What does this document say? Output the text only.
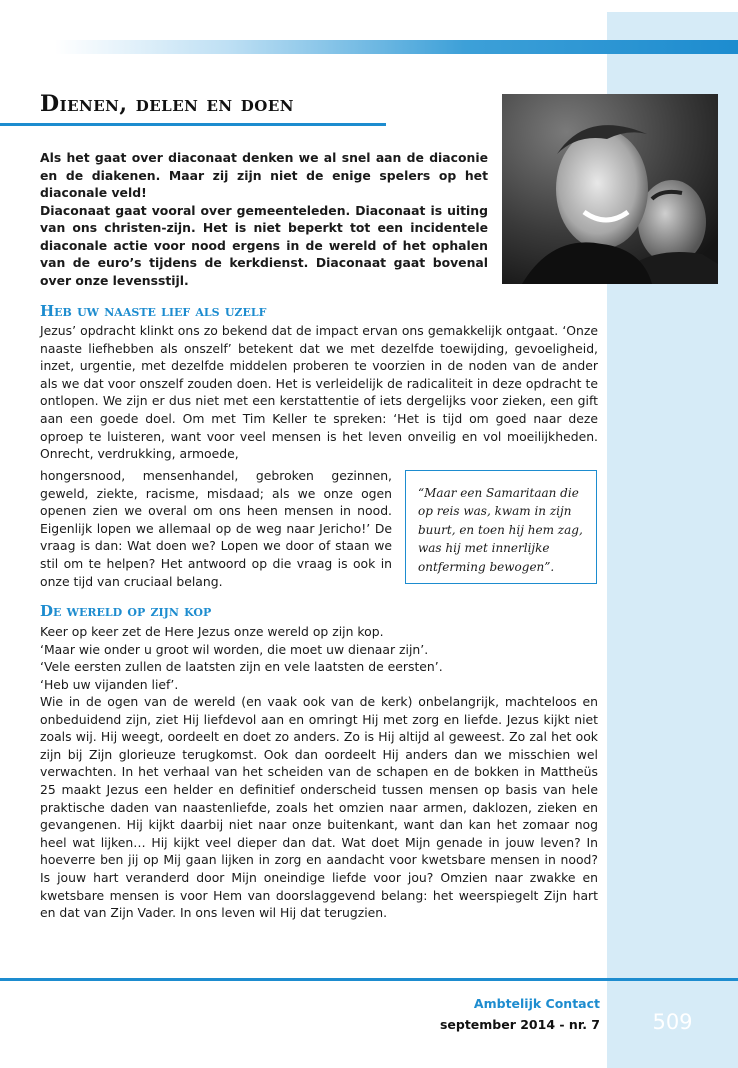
Dienen, delen en doen

Als het gaat over diaconaat denken we al snel aan de diaconie en de diakenen. Maar zij zijn niet de enige spelers op het diaconale veld!

Diaconaat gaat vooral over gemeenteleden. Diaconaat is uiting van ons christen-zijn. Het is niet beperkt tot een incidentele diaconale actie voor nood ergens in de wereld of het ophalen van de euro’s tijdens de kerkdienst. Diaconaat gaat bovenal over onze levensstijl.

Heb uw naaste lief als uzelf

Jezus’ opdracht klinkt ons zo bekend dat de impact ervan ons gemakkelijk ontgaat. ‘Onze naaste liefhebben als onszelf’ betekent dat we met dezelfde toewijding, gevoeligheid, inzet, urgentie, met dezelfde middelen proberen te voorzien in de noden van de ander als we dat voor onszelf zouden doen. Het is verleidelijk de radicaliteit in deze opdracht te ontlopen. We zijn er dus niet met een kerstattentie of iets dergelijks voor zieken, een gift aan een goede doel. Om met Tim Keller te spreken: ‘Het is tijd om goed naar deze oproep te luisteren, want voor veel mensen is het leven onveilig en vol moeilijkheden. Onrecht, verdrukking, armoede,

hongersnood, mensenhandel, gebroken gezinnen, geweld, ziekte, racisme, misdaad; als we onze ogen openen zien we overal om ons heen mensen in nood. Eigenlijk lopen we allemaal op de weg naar Jericho!’ De vraag is dan: Wat doen we? Lopen we door of staan we stil om te helpen? Het antwoord op die vraag is ook in onze tijd van cruciaal belang.

“Maar een Samaritaan die op reis was, kwam in zijn buurt, en toen hij hem zag, was hij met innerlijke ontferming bewogen”.
De wereld op zijn kop
Keer op keer zet de Here Jezus onze wereld op zijn kop.
‘Maar wie onder u groot wil worden, die moet uw dienaar zijn’.
‘Vele eersten zullen de laatsten zijn en vele laatsten de eersten’.
‘Heb uw vijanden lief’.

Wie in de ogen van de wereld (en vaak ook van de kerk) onbelangrijk, machteloos en onbeduidend zijn, ziet Hij liefdevol aan en omringt Hij met zorg en liefde. Jezus kijkt niet zoals wij. Hij weegt, oordeelt en doet zo anders. Zo is Hij altijd al geweest. Zo zal het ook zijn bij Zijn glorieuze terugkomst. Ook dan oordeelt Hij anders dan we misschien wel verwachten. In het verhaal van het scheiden van de schapen en de bokken in Mattheüs 25 maakt Jezus een helder en definitief onderscheid tussen mensen op basis van hele praktische daden van naastenliefde, zoals het omzien naar armen, daklozen, zieken en gevangenen. Hij kijkt daarbij niet naar onze buitenkant, want dan kan het zomaar nog heel wat lijken… Hij kijkt veel dieper dan dat. Wat doet Mijn genade in jouw leven? In hoeverre ben jij op Mij gaan lijken in zorg en aandacht voor kwetsbare mensen in nood? Is jouw hart veranderd door Mijn oneindige liefde voor jou? Omzien naar zwakke en kwetsbare mensen is voor Hem van doorslaggevend belang: het weerspiegelt Zijn hart en dat van Zijn Vader. In ons leven wil Hij dat terugzien.

Ambtelijk Contact
september 2014 - nr. 7	509
